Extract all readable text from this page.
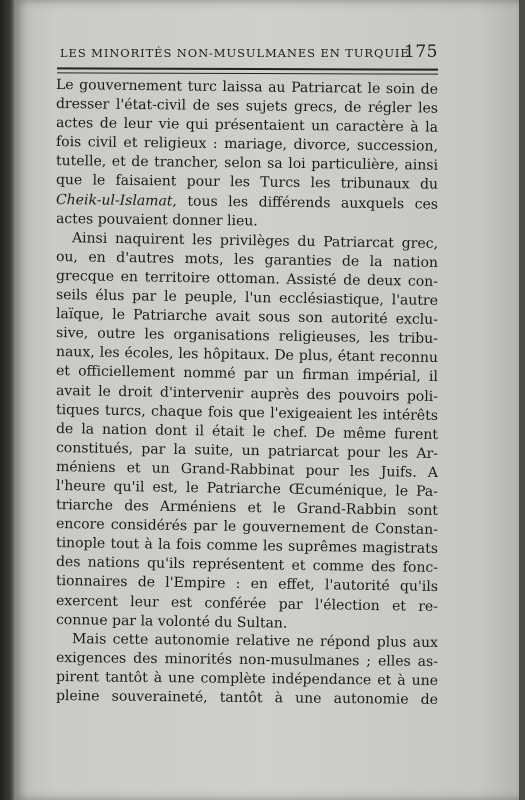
LES MINORITÉS NON-MUSULMANES EN TURQUIE
175
Le gouvernement turc laissa au Patriarcat le soin de
dresser l'état-civil de ses sujets grecs, de régler les
actes de leur vie qui présentaient un caractère à la
fois civil et religieux : mariage, divorce, succession,
tutelle, et de trancher, selon sa loi particulière, ainsi
que le faisaient pour les Turcs les tribunaux du
Cheik-ul-Islamat, tous les différends auxquels ces
actes pouvaient donner lieu.
Ainsi naquirent les privilèges du Patriarcat grec,
ou, en d'autres mots, les garanties de la nation
grecque en territoire ottoman. Assisté de deux con-
seils élus par le peuple, l'un ecclésiastique, l'autre
laïque, le Patriarche avait sous son autorité exclu-
sive, outre les organisations religieuses, les tribu-
naux, les écoles, les hôpitaux. De plus, étant reconnu
et officiellement nommé par un firman impérial, il
avait le droit d'intervenir auprès des pouvoirs poli-
tiques turcs, chaque fois que l'exigeaient les intérêts
de la nation dont il était le chef. De même furent
constitués, par la suite, un patriarcat pour les Ar-
méniens et un Grand-Rabbinat pour les Juifs. A
l'heure qu'il est, le Patriarche Œcuménique, le Pa-
triarche des Arméniens et le Grand-Rabbin sont
encore considérés par le gouvernement de Constan-
tinople tout à la fois comme les suprêmes magistrats
des nations qu'ils représentent et comme des fonc-
tionnaires de l'Empire : en effet, l'autorité qu'ils
exercent leur est conférée par l'élection et re-
connue par la volonté du Sultan.
Mais cette autonomie relative ne répond plus aux
exigences des minorités non-musulmanes ; elles as-
pirent tantôt à une complète indépendance et à une
pleine souveraineté, tantôt à une autonomie de
